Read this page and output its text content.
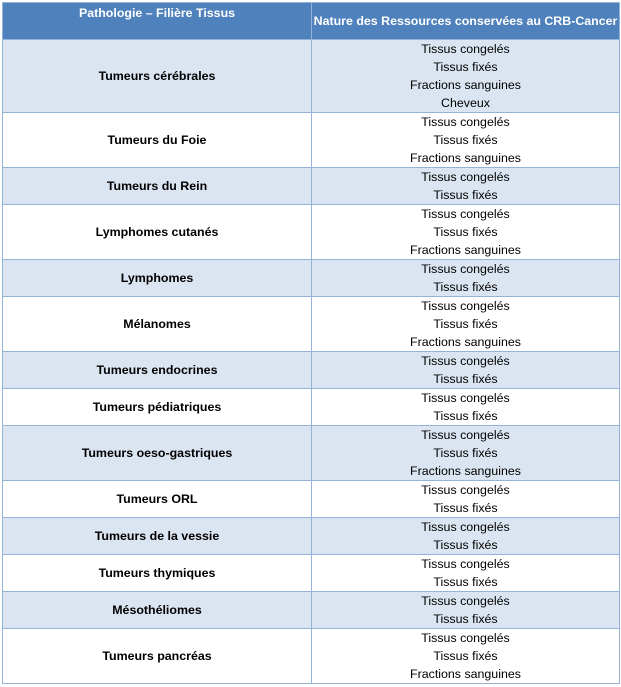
Pathologie – Filière Tissus	Nature des Ressources conservées au CRB-Cancer
Tumeurs cérébrales	Tissus congelés
Tissus fixés
Fractions sanguines
Cheveux

Tumeurs du Foie	Tissus congelés
Tissus fixés
Fractions sanguines

Tumeurs du Rein	Tissus congelés
Tissus fixés

Lymphomes cutanés	Tissus congelés
Tissus fixés
Fractions sanguines

Lymphomes	Tissus congelés
Tissus fixés

Mélanomes	Tissus congelés
Tissus fixés
Fractions sanguines

Tumeurs endocrines	Tissus congelés
Tissus fixés

Tumeurs pédiatriques	Tissus congelés
Tissus fixés

Tumeurs oeso-gastriques	Tissus congelés
Tissus fixés
Fractions sanguines

Tumeurs ORL	Tissus congelés
Tissus fixés

Tumeurs de la vessie	Tissus congelés
Tissus fixés

Tumeurs thymiques	Tissus congelés
Tissus fixés

Mésothéliomes	Tissus congelés
Tissus fixés

Tumeurs pancréas	Tissus congelés
Tissus fixés
Fractions sanguines
